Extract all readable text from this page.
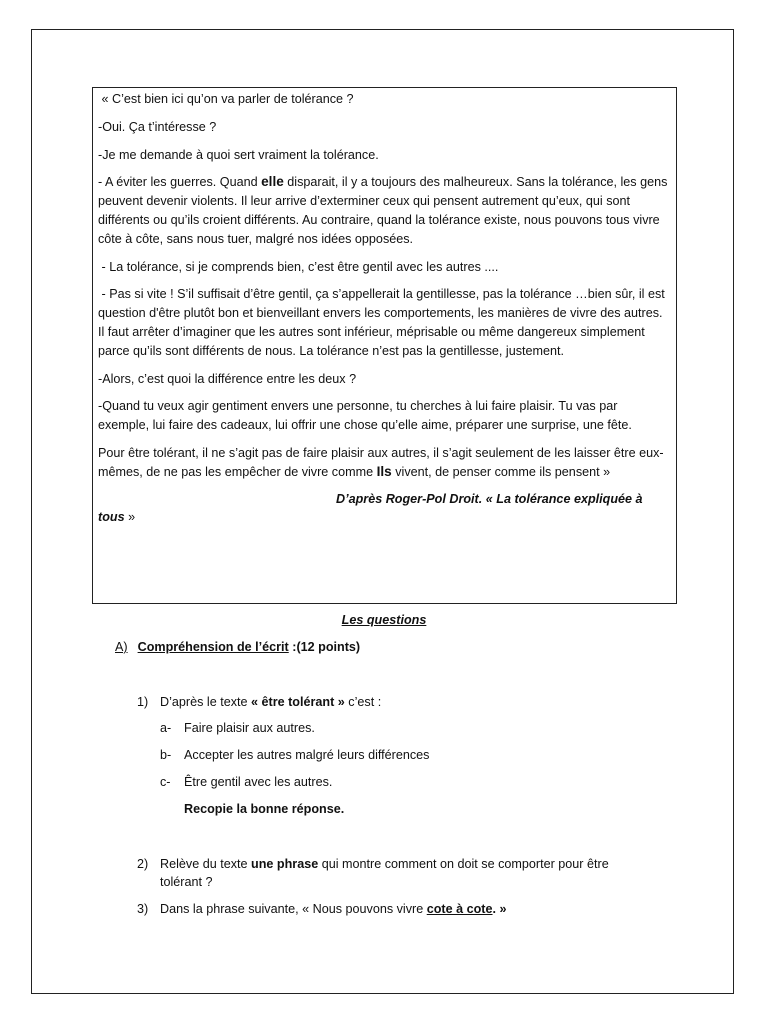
« C’est bien ici qu’on va parler de tolérance ?

-Oui. Ça t’intéresse ?

-Je me demande à quoi sert vraiment la tolérance.

- A éviter les guerres. Quand elle disparait, il y a toujours des malheureux. Sans la tolérance, les gens peuvent devenir violents. Il leur arrive d’exterminer ceux qui pensent autrement qu’eux, qui sont différents ou qu’ils croient différents. Au contraire, quand la tolérance existe, nous pouvons tous vivre côte à côte, sans nous tuer, malgré nos idées opposées.

- La tolérance, si je comprends bien, c’est être gentil avec les autres ....

- Pas si vite ! S’il suffisait d’être gentil, ça s’appellerait la gentillesse, pas la tolérance …bien sûr, il est question d'être plutôt bon et bienveillant envers les comportements, les manières de vivre des autres. Il faut arrêter d’imaginer que les autres sont inférieur, méprisable ou même dangereux simplement parce qu’ils sont différents de nous. La tolérance n’est pas la gentillesse, justement.

-Alors, c’est quoi la différence entre les deux ?

-Quand tu veux agir gentiment envers une personne, tu cherches à lui faire plaisir. Tu vas par exemple, lui faire des cadeaux, lui offrir une chose qu’elle aime, préparer une surprise, une fête.

Pour être tolérant, il ne s’agit pas de faire plaisir aux autres, il s’agit seulement de les laisser être eux-mêmes, de ne pas les empêcher de vivre comme Ils vivent, de penser comme ils pensent »

D’après Roger-Pol Droit. « La tolérance expliquée à tous »

Les questions
A) Compréhension de l’écrit :(12 points)
1) D’après le texte « être tolérant » c’est :
a- Faire plaisir aux autres.
b- Accepter les autres malgré leurs différences
c- Être gentil avec les autres.
Recopie la bonne réponse.
2) Relève du texte une phrase qui montre comment on doit se comporter pour être
tolérant ?
3) Dans la phrase suivante, « Nous pouvons vivre cote à cote. »
